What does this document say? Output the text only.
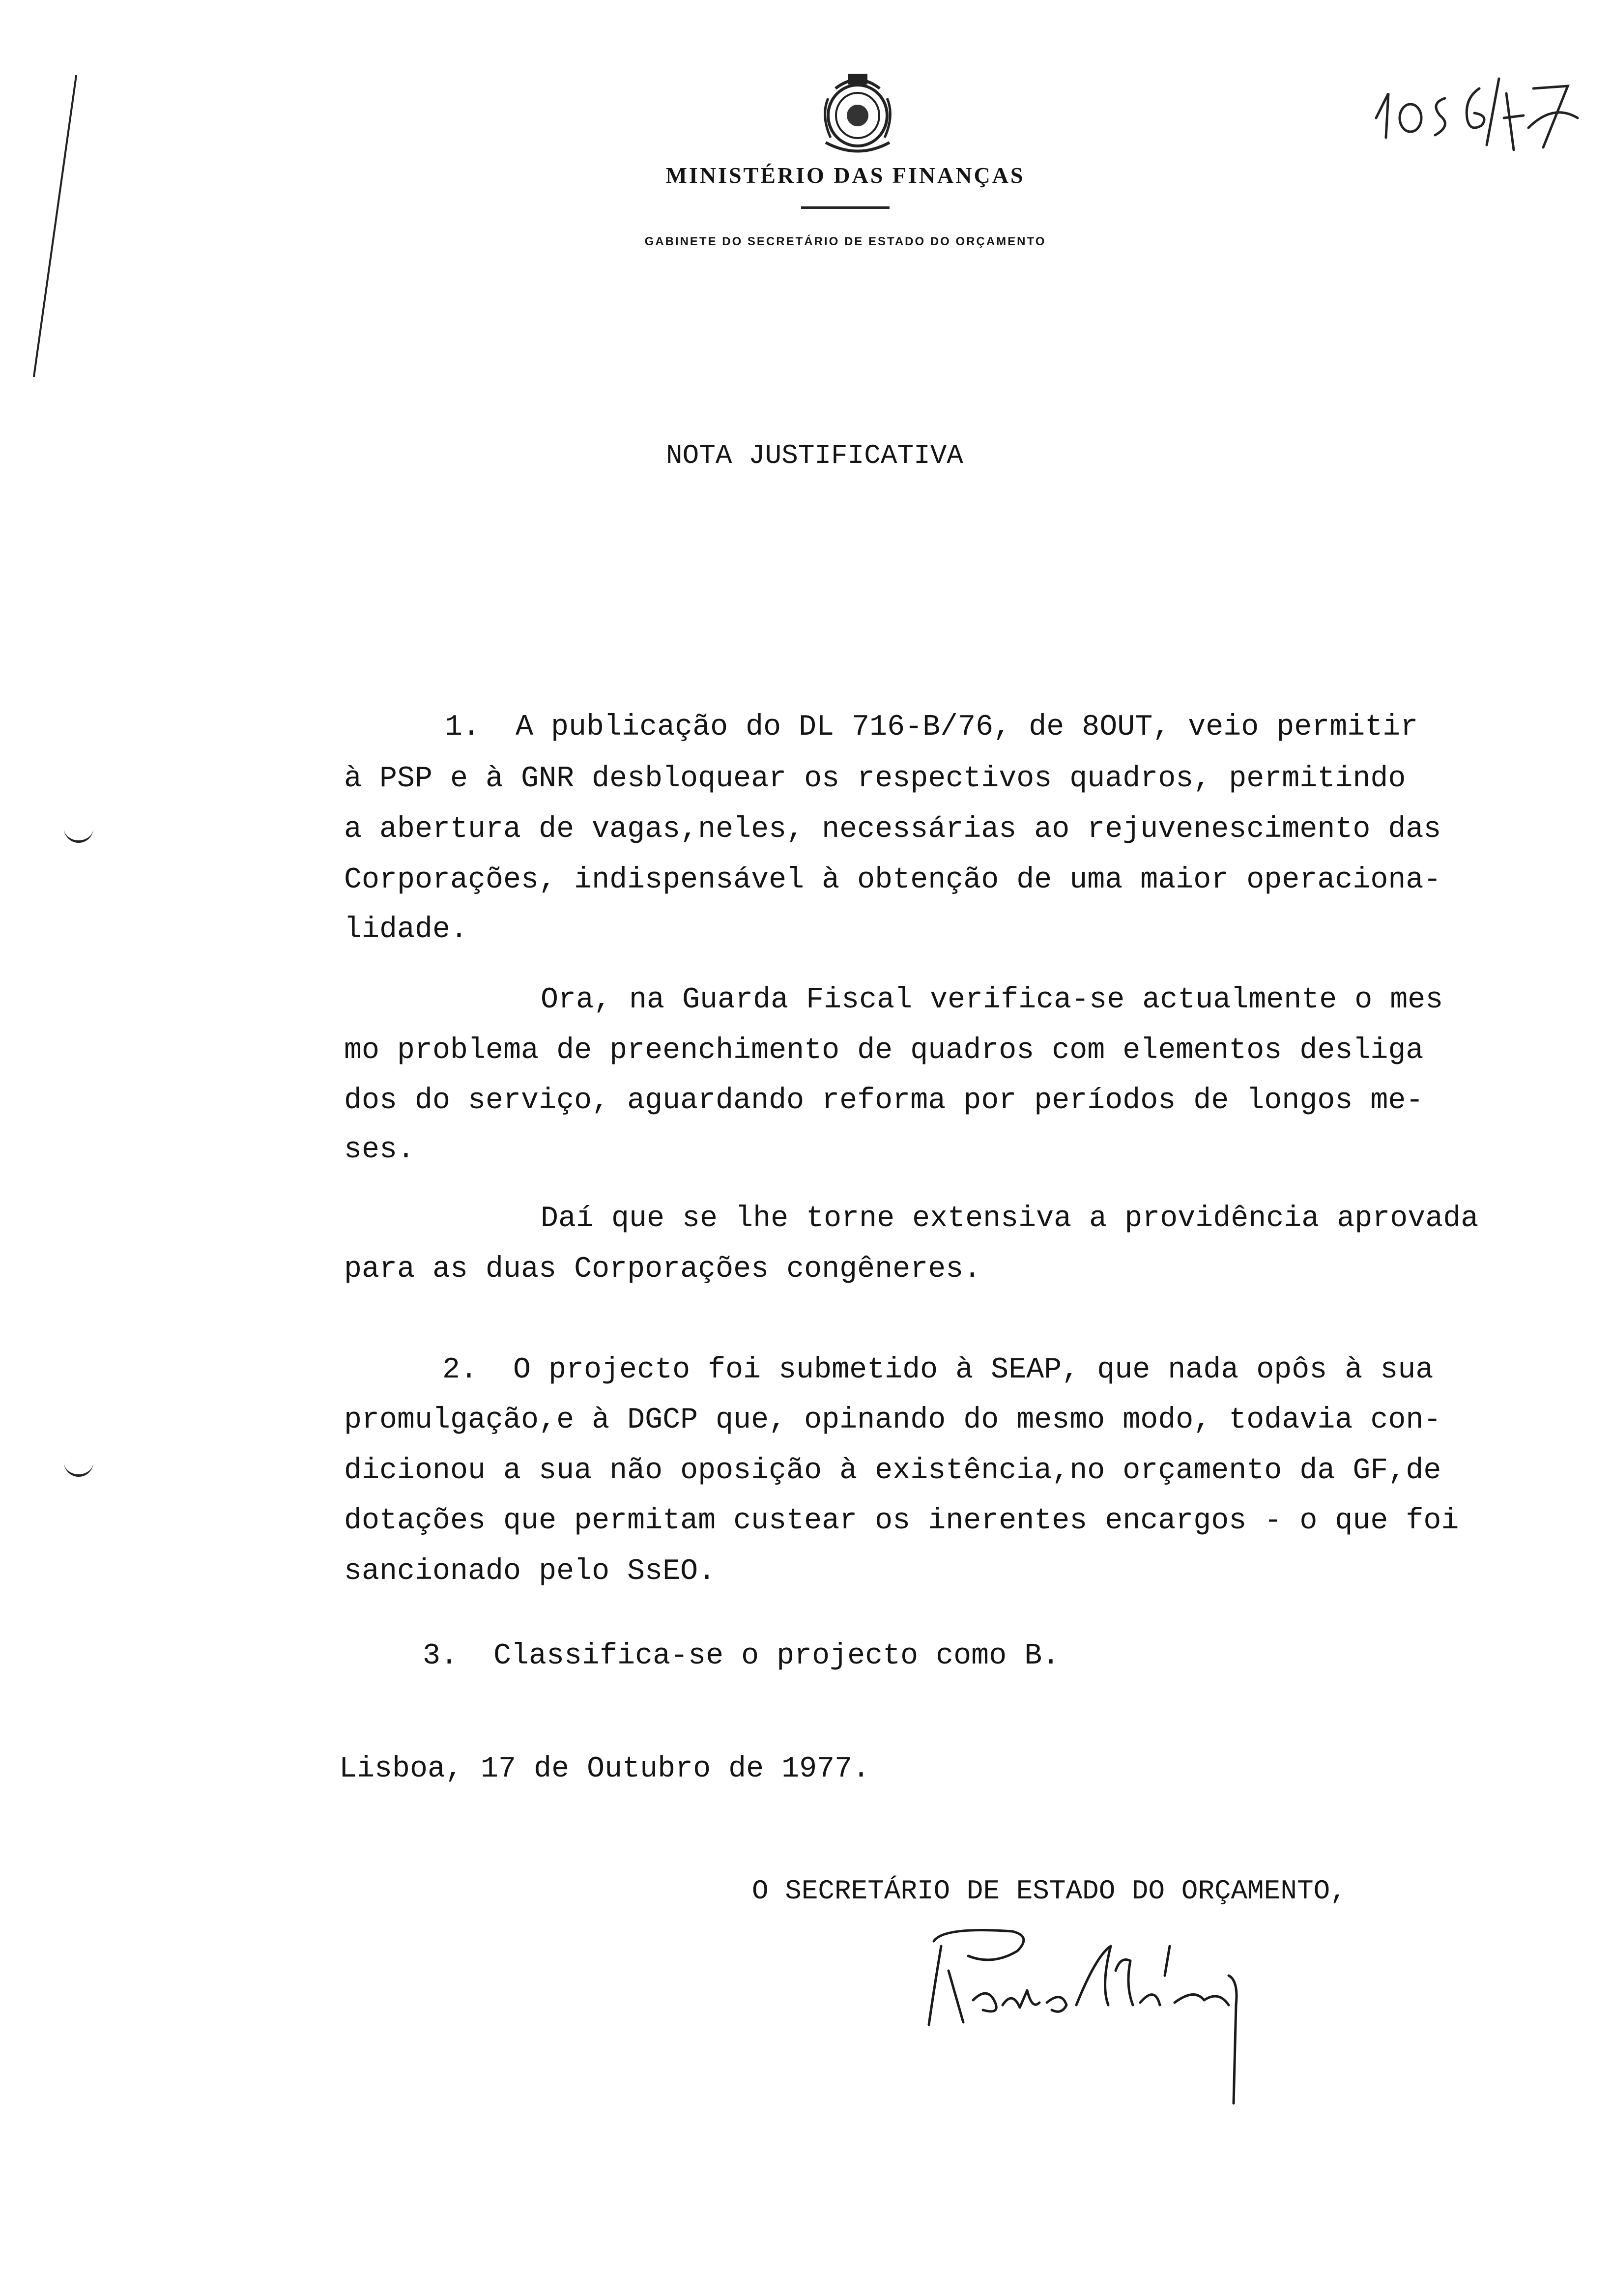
MINISTÉRIO DAS FINANÇAS
GABINETE DO SECRETÁRIO DE ESTADO DO ORÇAMENTO
NOTA JUSTIFICATIVA
1.  A publicação do DL 716-B/76, de 8OUT, veio permitir
à PSP e à GNR desbloquear os respectivos quadros, permitindo
a abertura de vagas,neles, necessárias ao rejuvenescimento das
Corporações, indispensável à obtenção de uma maior operaciona-
lidade.
Ora, na Guarda Fiscal verifica-se actualmente o mes
mo problema de preenchimento de quadros com elementos desliga
dos do serviço, aguardando reforma por períodos de longos me-
ses.
Daí que se lhe torne extensiva a providência aprovada
para as duas Corporações congêneres.
2.  O projecto foi submetido à SEAP, que nada opôs à sua
promulgação,e à DGCP que, opinando do mesmo modo, todavia con-
dicionou a sua não oposição à existência,no orçamento da GF,de
dotações que permitam custear os inerentes encargos - o que foi
sancionado pelo SsEO.
3.  Classifica-se o projecto como B.
Lisboa, 17 de Outubro de 1977.
O SECRETÁRIO DE ESTADO DO ORÇAMENTO,
